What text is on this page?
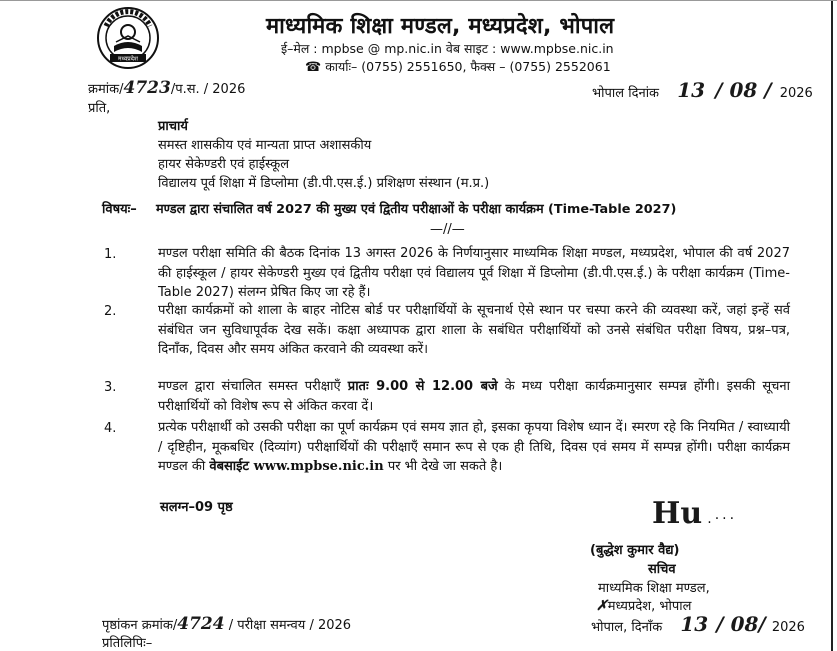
मध्यप्रदेश
माध्यमिक शिक्षा मण्डल, मध्यप्रदेश, भोपाल
ई–मेल : mpbse @ mp.nic.in वेब साइट : www.mpbse.nic.in
☎ कार्याः– (0755) 2551650, फैक्स – (0755) 2552061
क्रमांक/4723/प.स. / 2026	भोपाल दिनांक 13 / 08 / 2026
प्रति,
प्राचार्य
समस्त शासकीय एवं मान्यता प्राप्त अशासकीय
हायर सेकेण्डरी एवं हाईस्कूल
विद्यालय पूर्व शिक्षा में डिप्लोमा (डी.पी.एस.ई.) प्रशिक्षण संस्थान (म.प्र.)
विषयः– मण्डल द्वारा संचालित वर्ष 2027 की मुख्य एवं द्वितीय परीक्षाओं के परीक्षा कार्यक्रम (Time-Table 2027)
—//—
1.	मण्डल परीक्षा समिति की बैठक दिनांक 13 अगस्त 2026 के निर्णयानुसार माध्यमिक शिक्षा मण्डल, मध्यप्रदेश, भोपाल की वर्ष 2027 की हाईस्कूल / हायर सेकेण्डरी मुख्य एवं द्वितीय परीक्षा एवं विद्यालय पूर्व शिक्षा में डिप्लोमा (डी.पी.एस.ई.) के परीक्षा कार्यक्रम (Time-Table 2027) संलग्न प्रेषित किए जा रहे हैं।
2.	परीक्षा कार्यक्रमों को शाला के बाहर नोटिस बोर्ड पर परीक्षार्थियों के सूचनार्थ ऐसे स्थान पर चस्पा करने की व्यवस्था करें, जहां इन्हें सर्व संबंधित जन सुविधापूर्वक देख सकें। कक्षा अध्यापक द्वारा शाला के सबंधित परीक्षार्थियों को उनसे संबंधित परीक्षा विषय, प्रश्न–पत्र, दिनाँक, दिवस और समय अंकित करवाने की व्यवस्था करें।
3.	मण्डल द्वारा संचालित समस्त परीक्षाएँ प्रातः 9.00 से 12.00 बजे के मध्य परीक्षा कार्यक्रमानुसार सम्पन्न होंगी। इसकी सूचना परीक्षार्थियों को विशेष रूप से अंकित करवा दें।
4.	प्रत्येक परीक्षार्थी को उसकी परीक्षा का पूर्ण कार्यक्रम एवं समय ज्ञात हो, इसका कृपया विशेष ध्यान दें। स्मरण रहे कि नियमित / स्वाध्यायी / दृष्टिहीन, मूकबधिर (दिव्यांग) परीक्षार्थियों की परीक्षाएँ समान रूप से एक ही तिथि, दिवस एवं समय में सम्पन्न होंगी। परीक्षा कार्यक्रम मण्डल की वेबसाईट www.mpbse.nic.in पर भी देखे जा सकते है।
सलग्न–09 पृष्ठ	Hu .···
(बुद्धेश कुमार वैद्य)
सचिव
माध्यमिक शिक्षा मण्डल,
✗मध्यप्रदेश, भोपाल
पृष्ठांकन क्रमांक/4724 / परीक्षा समन्वय / 2026	भोपाल, दिनाँक 13 / 08/ 2026
प्रतिलिपिः–
